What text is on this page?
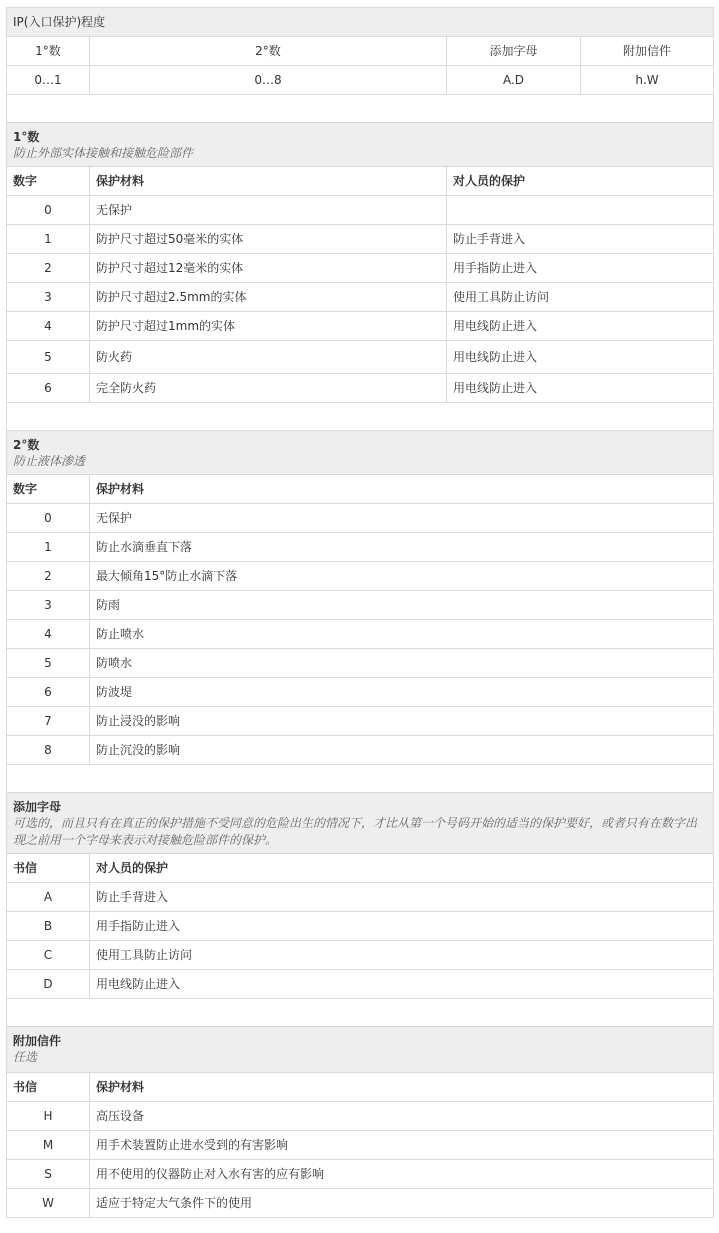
IP(入口保护)程度			
1°数	2°数	添加字母	附加信件
0…1	0…8	A.D	h.W

1°数
防止外部实体接触和接触危险部件			

数字	保护材料	对人员的保护	
0	无保护		
1	防护尺寸超过50毫米的实体	防止手背进入	
2	防护尺寸超过12毫米的实体	用手指防止进入	
3	防护尺寸超过2.5mm的实体	使用工具防止访问	
4	防护尺寸超过1mm的实体	用电线防止进入	
5	防火药	用电线防止进入	
6	完全防火药	用电线防止进入	

2°数
防止液体渗透			

数字	保护材料		
0	无保护		
1	防止水滴垂直下落		
2	最大倾角15°防止水滴下落		
3	防雨		
4	防止喷水		
5	防喷水		
6	防波堤		
7	防止浸没的影响		
8	防止沉没的影响		

添加字母
可选的，而且只有在真正的保护措施不受同意的危险出生的情况下，才比从第一个号码开始的适当的保护要好，或者只有在数字出现之前用一个字母来表示对接触危险部件的保护。			

书信	对人员的保护		
A	防止手背进入		
B	用手指防止进入		
C	使用工具防止访问		
D	用电线防止进入		

附加信件
任选			

书信	保护材料		
H	高压设备		
M	用手术装置防止进水受到的有害影响		
S	用不使用的仪器防止对入水有害的应有影响		
W	适应于特定大气条件下的使用		
